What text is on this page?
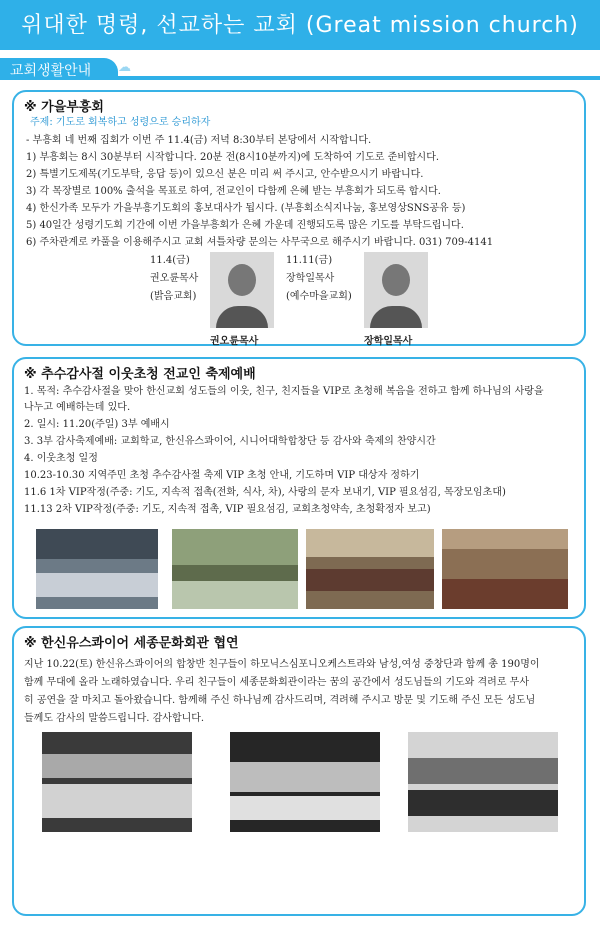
위대한 명령, 선교하는 교회 (Great mission church)
교회생활안내 ☁
※ 가을부흥회
주제: 기도로 회복하고 성령으로 승리하자
- 부흥회 네 번째 집회가 이번 주 11.4(금) 저녁 8:30부터 본당에서 시작합니다.
1) 부흥회는 8시 30분부터 시작합니다. 20분 전(8시10분까지)에 도착하여 기도로 준비합시다.
2) 특별기도제목(기도부탁, 응답 등)이 있으신 분은 미리 써 주시고, 안수받으시기 바랍니다.
3) 각 목장별로 100% 출석을 목표로 하여, 전교인이 다함께 은혜 받는 부흥회가 되도록 합시다.
4) 한신가족 모두가 가을부흥기도회의 홍보대사가 됩시다. (부흥회소식지나눔, 홍보영상SNS공유 등)
5) 40일간 성령기도회 기간에 이번 가을부흥회가 은혜 가운데 진행되도록 많은 기도를 부탁드립니다.
6) 주차관계로 카풀을 이용해주시고 교회 셔틀차량 문의는 사무국으로 해주시기 바랍니다. 031) 709-4141
11.4(금)
권오륜목사
(밝음교회)
권오륜목사
11.11(금)
장학일목사
(예수마을교회)
장학일목사
※ 추수감사절 이웃초청 전교인 축제예배
1. 목적: 추수감사절을 맞아 한신교회 성도들의 이웃, 친구, 친지들을 VIP로 초청해 복음을 전하고 함께 하나님의 사랑을
나누고 예배하는데 있다.
2. 일시: 11.20(주일) 3부 예배시
3. 3부 감사축제예배: 교회학교, 한신유스콰이어, 시니어대학합창단 등 감사와 축제의 찬양시간
4. 이웃초청 일정
10.23-10.30 지역주민 초청 추수감사절 축제 VIP 초청 안내, 기도하며 VIP 대상자 정하기
11.6 1차 VIP작정(주중: 기도, 지속적 접촉(전화, 식사, 차), 사랑의 문자 보내기, VIP 필요섬김, 목장모임초대)
11.13 2차 VIP작정(주중: 기도, 지속적 접촉, VIP 필요섬김, 교회초청약속, 초청확정자 보고)
※ 한신유스콰이어 세종문화회관 협연
지난 10.22(토) 한신유스콰이어의 합창반 친구들이 하모닉스심포니오케스트라와 남성,여성 중창단과 함께 총 190명이
함께 무대에 올라 노래하였습니다. 우리 친구들이 세종문화회관이라는 꿈의 공간에서 성도님들의 기도와 격려로 무사
히 공연을 잘 마치고 돌아왔습니다. 함께해 주신 하나님께 감사드리며, 격려해 주시고 방문 및 기도해 주신 모든 성도님
들께도 감사의 말씀드립니다. 감사합니다.
